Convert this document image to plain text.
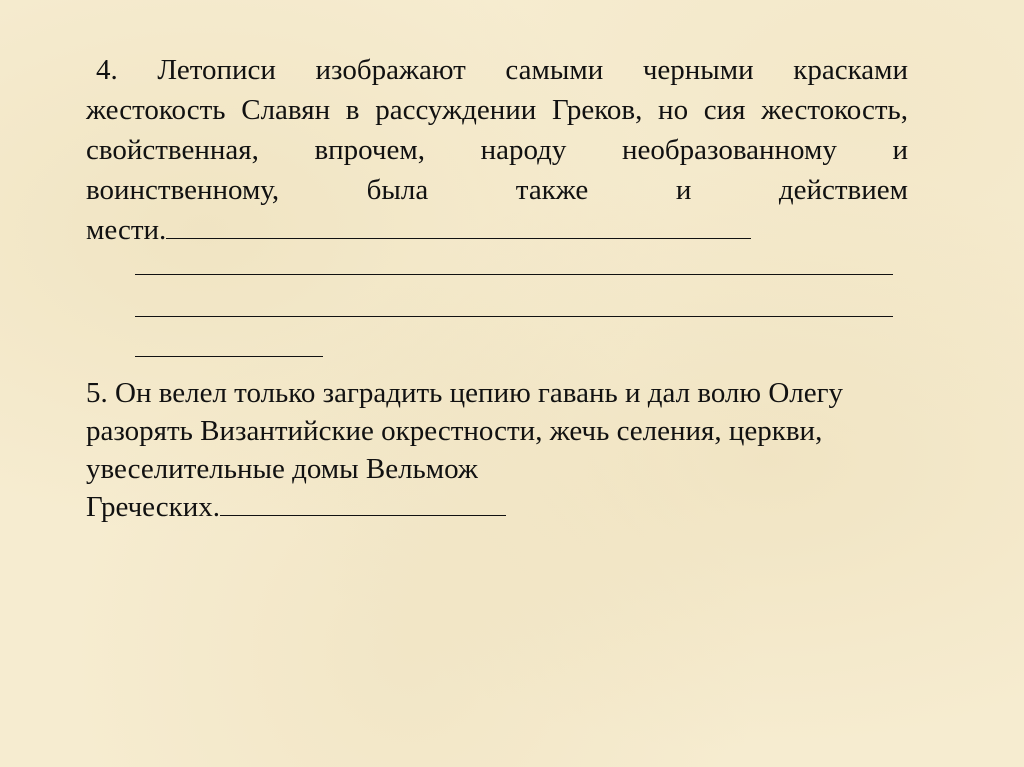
4. Летописи изображают самыми черными красками
жестокость Славян в рассуждении Греков, но сия жестокость,
свойственная, впрочем, народу необразованному и
воинственному, была также и действием
мести.
5. Он велел только заградить цепию гавань и дал волю Олегу
разорять Византийские окрестности, жечь селения, церкви,
увеселительные домы Вельмож
Греческих.
